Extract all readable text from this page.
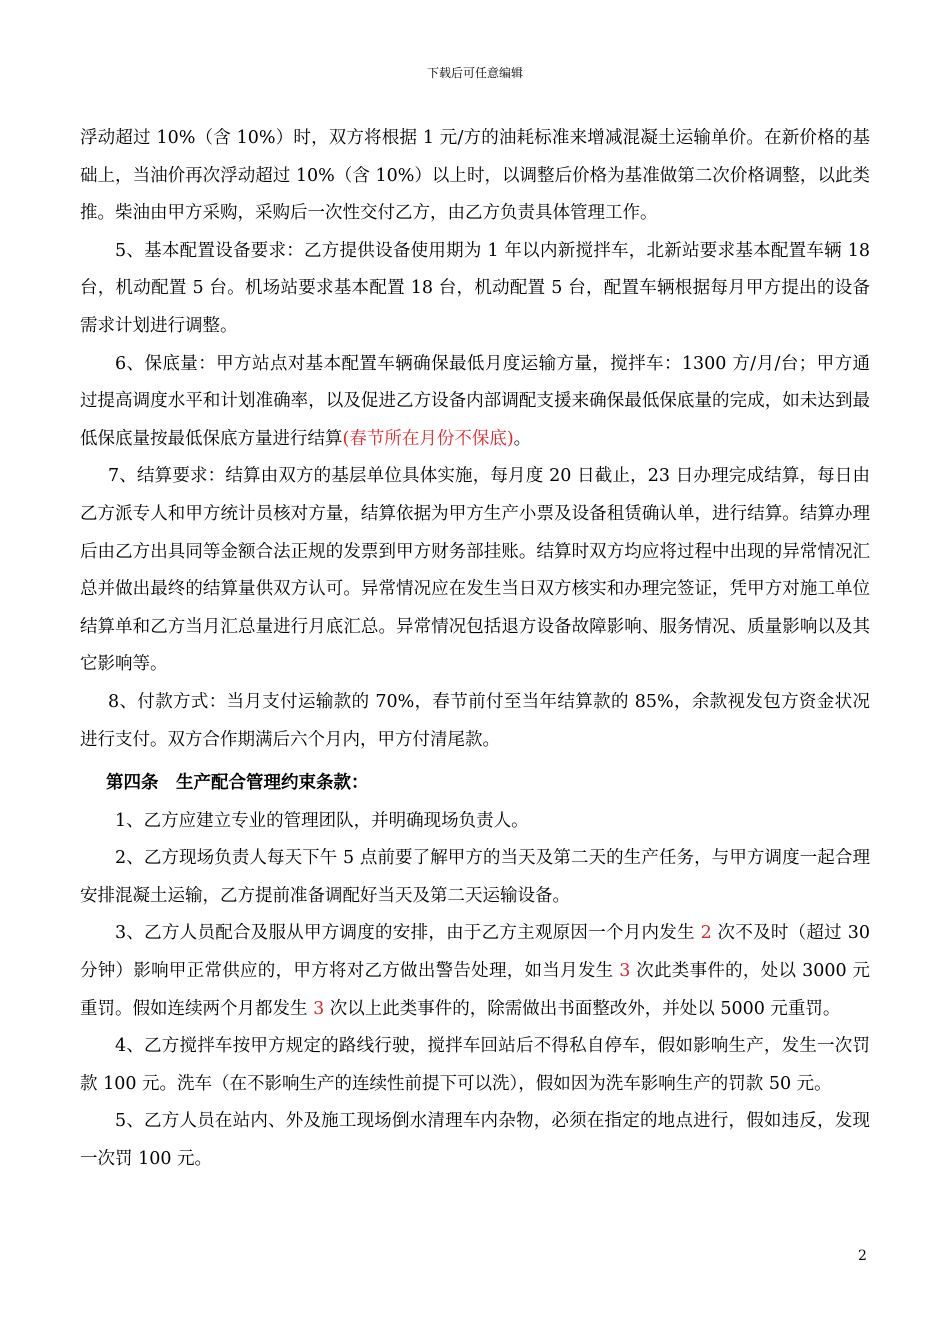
下载后可任意编辑

浮动超过 10%（含 10%）时，双方将根据 1 元/方的油耗标准来增减混凝土运输单价。在新价格的基础上，当油价再次浮动超过 10%（含 10%）以上时，以调整后价格为基准做第二次价格调整，以此类推。柴油由甲方采购，采购后一次性交付乙方，由乙方负责具体管理工作。

5、基本配置设备要求：乙方提供设备使用期为 1 年以内新搅拌车，北新站要求基本配置车辆 18 台，机动配置 5 台。机场站要求基本配置 18 台，机动配置 5 台，配置车辆根据每月甲方提出的设备需求计划进行调整。

6、保底量：甲方站点对基本配置车辆确保最低月度运输方量，搅拌车：1300 方/月/台；甲方通过提高调度水平和计划准确率，以及促进乙方设备内部调配支援来确保最低保底量的完成，如未达到最低保底量按最低保底方量进行结算(春节所在月份不保底)。

7、结算要求：结算由双方的基层单位具体实施，每月度 20 日截止，23 日办理完成结算，每日由乙方派专人和甲方统计员核对方量，结算依据为甲方生产小票及设备租赁确认单，进行结算。结算办理后由乙方出具同等金额合法正规的发票到甲方财务部挂账。结算时双方均应将过程中出现的异常情况汇总并做出最终的结算量供双方认可。异常情况应在发生当日双方核实和办理完签证，凭甲方对施工单位结算单和乙方当月汇总量进行月底汇总。异常情况包括退方设备故障影响、服务情况、质量影响以及其它影响等。

8、付款方式：当月支付运输款的 70%，春节前付至当年结算款的 85%，余款视发包方资金状况进行支付。双方合作期满后六个月内，甲方付清尾款。

第四条　生产配合管理约束条款：

1、乙方应建立专业的管理团队，并明确现场负责人。

2、乙方现场负责人每天下午 5 点前要了解甲方的当天及第二天的生产任务，与甲方调度一起合理安排混凝土运输，乙方提前准备调配好当天及第二天运输设备。

3、乙方人员配合及服从甲方调度的安排，由于乙方主观原因一个月内发生 2 次不及时（超过 30 分钟）影响甲正常供应的，甲方将对乙方做出警告处理，如当月发生 3 次此类事件的，处以 3000 元重罚。假如连续两个月都发生 3 次以上此类事件的，除需做出书面整改外，并处以 5000 元重罚。

4、乙方搅拌车按甲方规定的路线行驶，搅拌车回站后不得私自停车，假如影响生产，发生一次罚款 100 元。洗车（在不影响生产的连续性前提下可以洗），假如因为洗车影响生产的罚款 50 元。

5、乙方人员在站内、外及施工现场倒水清理车内杂物，必须在指定的地点进行，假如违反，发现一次罚 100 元。

2
